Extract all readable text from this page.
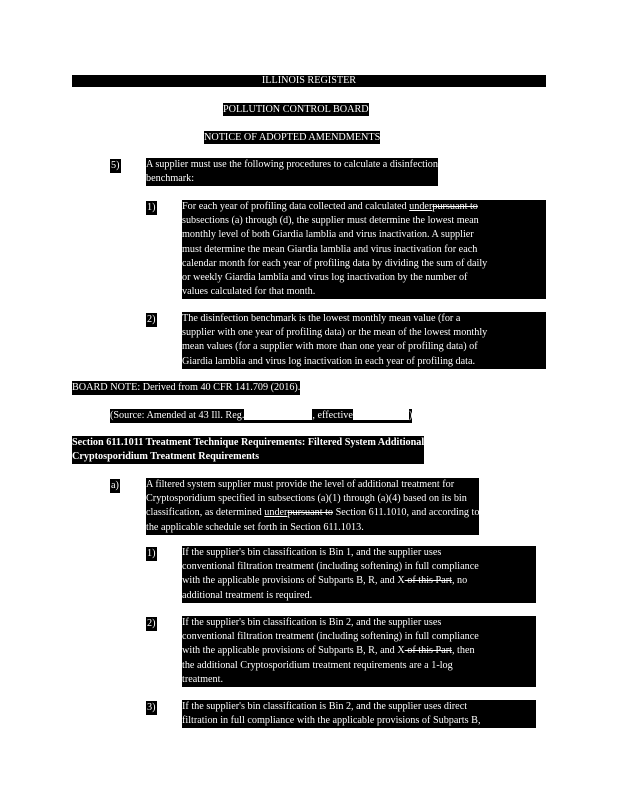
ILLINOIS REGISTER
POLLUTION CONTROL BOARD
NOTICE OF ADOPTED AMENDMENTS
5)	A supplier must use the following procedures to calculate a disinfection
benchmark:
1)	For each year of profiling data collected and calculated underpursuant to
subsections (a) through (d), the supplier must determine the lowest mean
monthly level of both Giardia lamblia and virus inactivation. A supplier
must determine the mean Giardia lamblia and virus inactivation for each
calendar month for each year of profiling data by dividing the sum of daily
or weekly Giardia lamblia and virus log inactivation by the number of
values calculated for that month.
2)	The disinfection benchmark is the lowest monthly mean value (for a
supplier with one year of profiling data) or the mean of the lowest monthly
mean values (for a supplier with more than one year of profiling data) of
Giardia lamblia and virus log inactivation in each year of profiling data.
BOARD NOTE: Derived from 40 CFR 141.709 (2016).
(Source: Amended at 43 Ill. Reg.	, effective	)
Section 611.1011 Treatment Technique Requirements: Filtered System Additional
Cryptosporidium Treatment Requirements
a)	A filtered system supplier must provide the level of additional treatment for
Cryptosporidium specified in subsections (a)(1) through (a)(4) based on its bin
classification, as determined underpursuant to Section 611.1010, and according to
the applicable schedule set forth in Section 611.1013.
1)	If the supplier's bin classification is Bin 1, and the supplier uses
conventional filtration treatment (including softening) in full compliance
with the applicable provisions of Subparts B, R, and X of this Part, no
additional treatment is required.
2)	If the supplier's bin classification is Bin 2, and the supplier uses
conventional filtration treatment (including softening) in full compliance
with the applicable provisions of Subparts B, R, and X of this Part, then
the additional Cryptosporidium treatment requirements are a 1-log
treatment.
3)	If the supplier's bin classification is Bin 2, and the supplier uses direct
filtration in full compliance with the applicable provisions of Subparts B,
